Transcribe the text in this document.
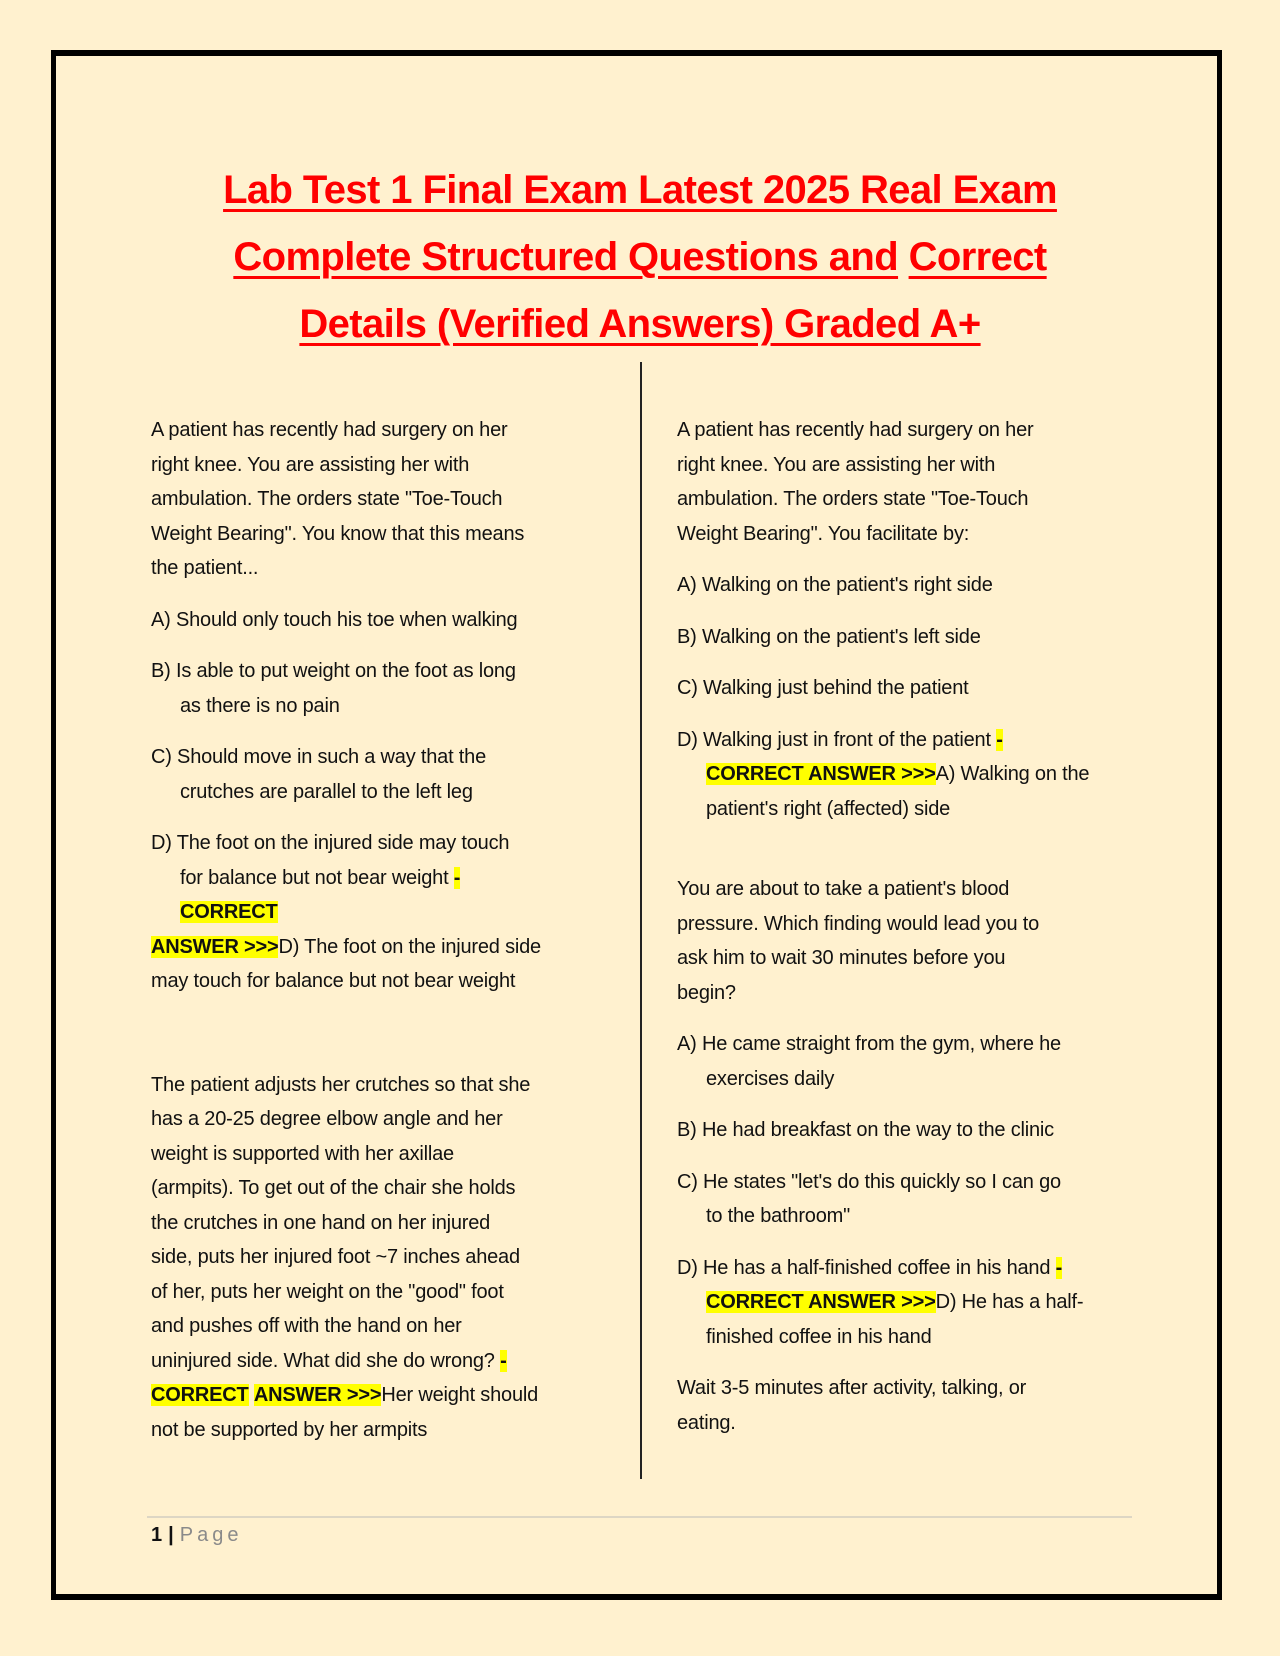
Lab Test 1 Final Exam Latest 2025 Real Exam
Complete Structured Questions and Correct
Details (Verified Answers) Graded A+
A patient has recently had surgery on her
right knee. You are assisting her with
ambulation. The orders state "Toe-Touch
Weight Bearing". You know that this means
the patient...
A) Should only touch his toe when walking
B) Is able to put weight on the foot as long
as there is no pain
C) Should move in such a way that the
crutches are parallel to the left leg
D) The foot on the injured side may touch
for balance but not bear weight -
CORRECT
ANSWER >>>D) The foot on the injured side
may touch for balance but not bear weight
The patient adjusts her crutches so that she
has a 20-25 degree elbow angle and her
weight is supported with her axillae
(armpits). To get out of the chair she holds
the crutches in one hand on her injured
side, puts her injured foot ~7 inches ahead
of her, puts her weight on the "good" foot
and pushes off with the hand on her
uninjured side. What did she do wrong? -
CORRECT ANSWER >>>Her weight should
not be supported by her armpits
A patient has recently had surgery on her
right knee. You are assisting her with
ambulation. The orders state "Toe-Touch
Weight Bearing". You facilitate by:
A) Walking on the patient's right side
B) Walking on the patient's left side
C) Walking just behind the patient
D) Walking just in front of the patient -
CORRECT ANSWER >>>A) Walking on the
patient's right (affected) side
You are about to take a patient's blood
pressure. Which finding would lead you to
ask him to wait 30 minutes before you
begin?
A) He came straight from the gym, where he
exercises daily
B) He had breakfast on the way to the clinic
C) He states "let's do this quickly so I can go
to the bathroom"
D) He has a half-finished coffee in his hand -
CORRECT ANSWER >>>D) He has a half-
finished coffee in his hand
Wait 3-5 minutes after activity, talking, or
eating.
1 | Page
